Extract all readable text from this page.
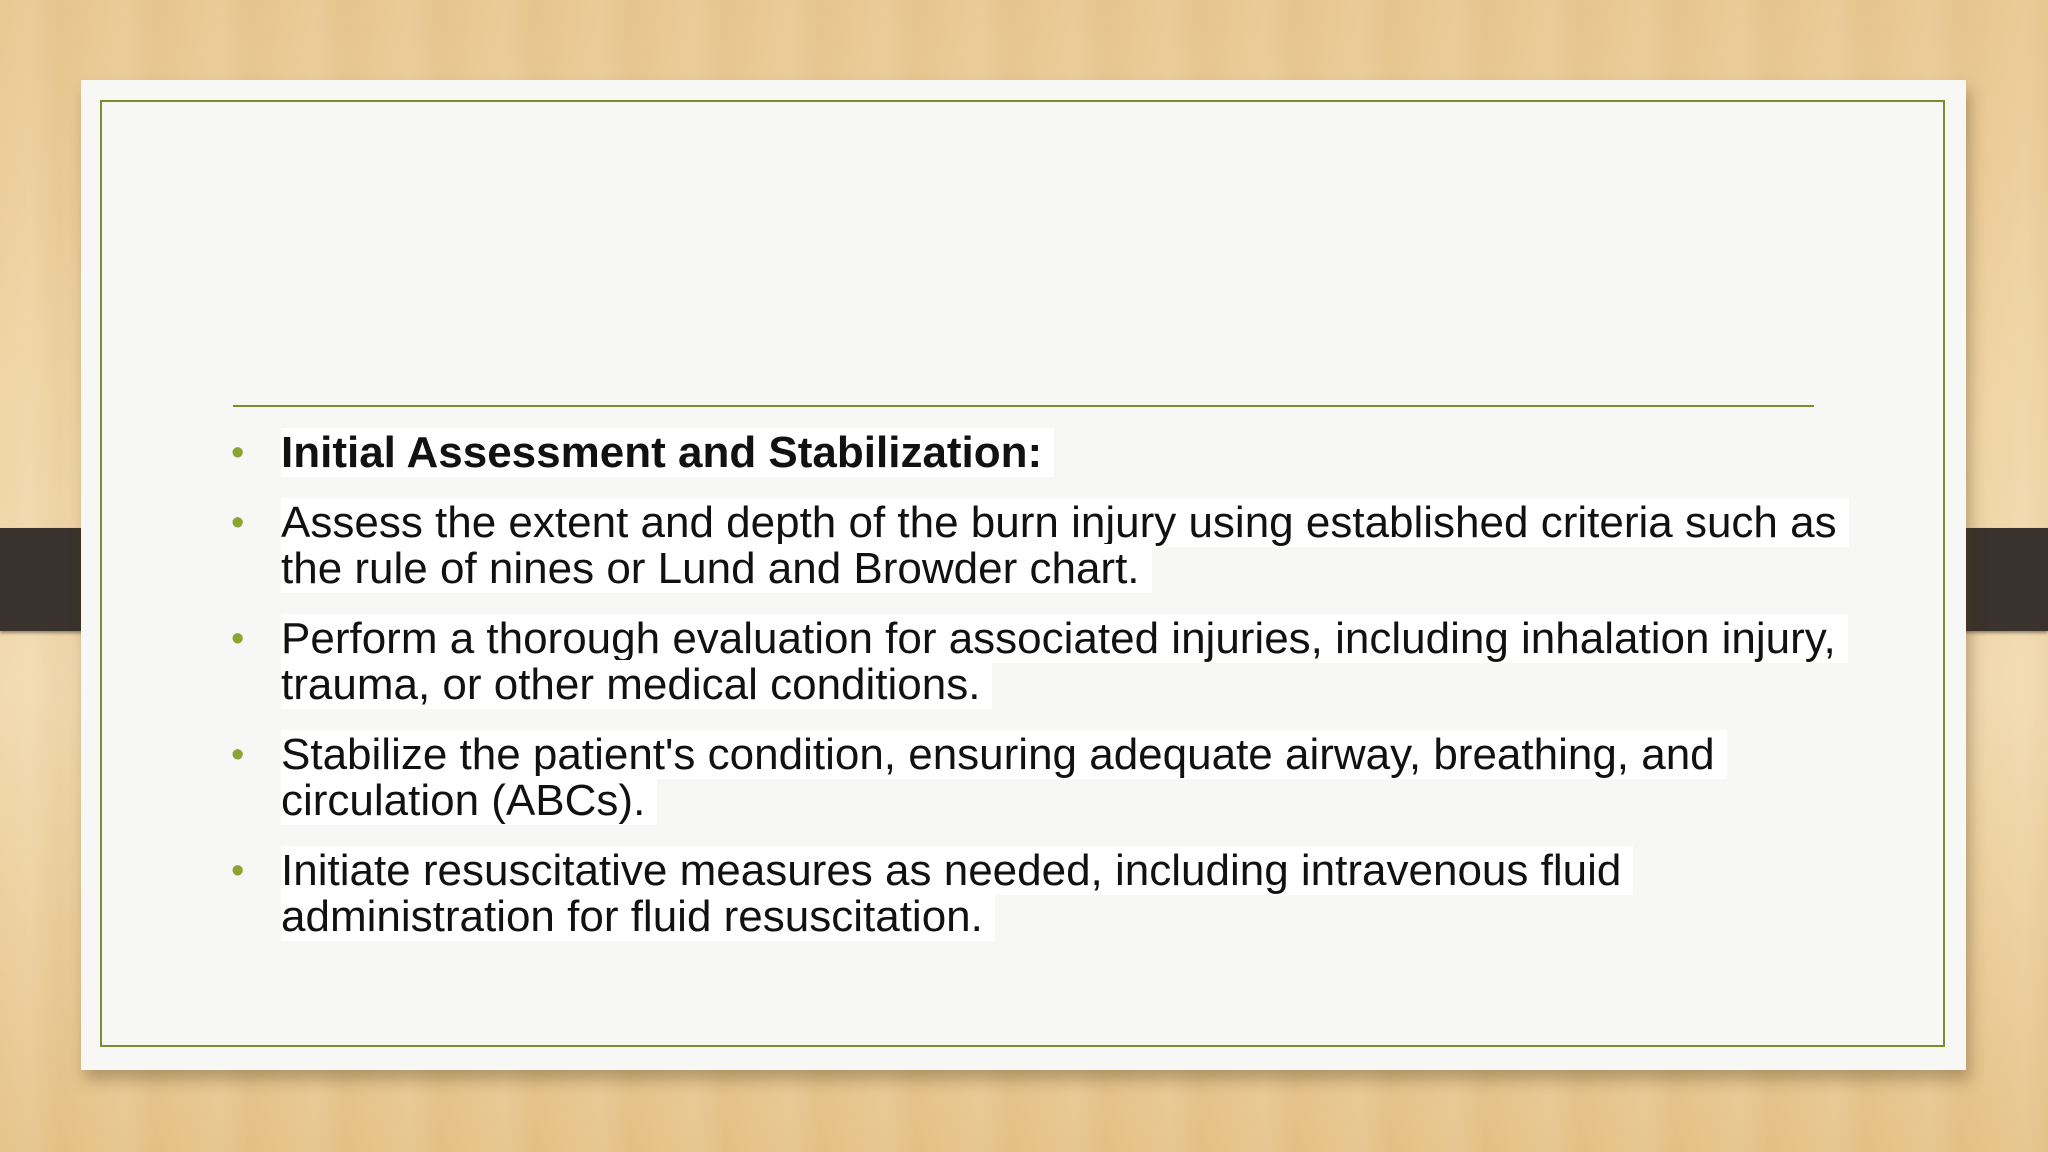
• Initial Assessment and Stabilization:
• Assess the extent and depth of the burn injury using established criteria such as the rule of nines or Lund and Browder chart.
• Perform a thorough evaluation for associated injuries, including inhalation injury, trauma, or other medical conditions.
• Stabilize the patient's condition, ensuring adequate airway, breathing, and circulation (ABCs).
• Initiate resuscitative measures as needed, including intravenous fluid administration for fluid resuscitation.
